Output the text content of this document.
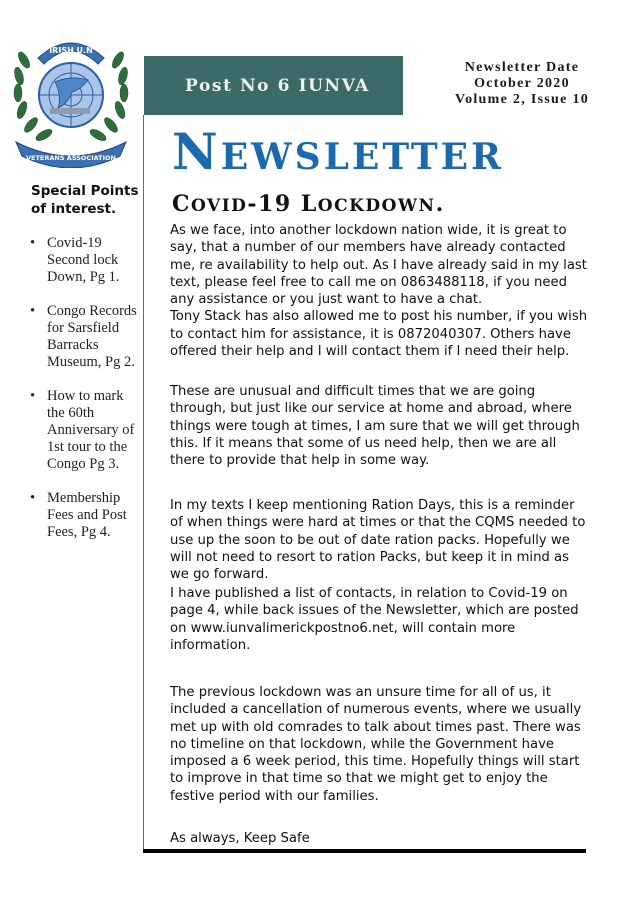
IRISH U.N
VETERANS ASSOCIATION
Post No 6 IUNVA
Newsletter Date
October 2020
Volume 2, Issue 10
NEWSLETTER
COVID-19 LOCKDOWN.
Special Points of interest.
• Covid-19 Second lock Down, Pg 1.
• Congo Records for Sarsfield Barracks Museum, Pg 2.
• How to mark the 60th Anniversary of 1st tour to the Congo Pg 3.
• Membership Fees and Post Fees, Pg 4.

As we face, into another lockdown nation wide, it is great to say, that a number of our members have already contacted me, re availability to help out. As I have already said in my last text, please feel free to call me on 0863488118, if you need any assistance or you just want to have a chat.

Tony Stack has also allowed me to post his number, if you wish to contact him for assistance, it is 0872040307. Others have offered their help and I will contact them if I need their help.

These are unusual and difficult times that we are going through, but just like our service at home and abroad, where things were tough at times, I am sure that we will get through this. If it means that some of us need help, then we are all there to provide that help in some way.

In my texts I keep mentioning Ration Days, this is a reminder of when things were hard at times or that the CQMS needed to use up the soon to be out of date ration packs. Hopefully we will not need to resort to ration Packs, but keep it in mind as we go forward.

I have published a list of contacts, in relation to Covid-19 on page 4, while back issues of the Newsletter, which are posted on www.iunvalimerickpostno6.net, will contain more information.

The previous lockdown was an unsure time for all of us, it included a cancellation of numerous events, where we usually met up with old comrades to talk about times past. There was no timeline on that lockdown, while the Government have imposed a 6 week period, this time. Hopefully things will start to improve in that time so that we might get to enjoy the festive period with our families.

As always, Keep Safe
